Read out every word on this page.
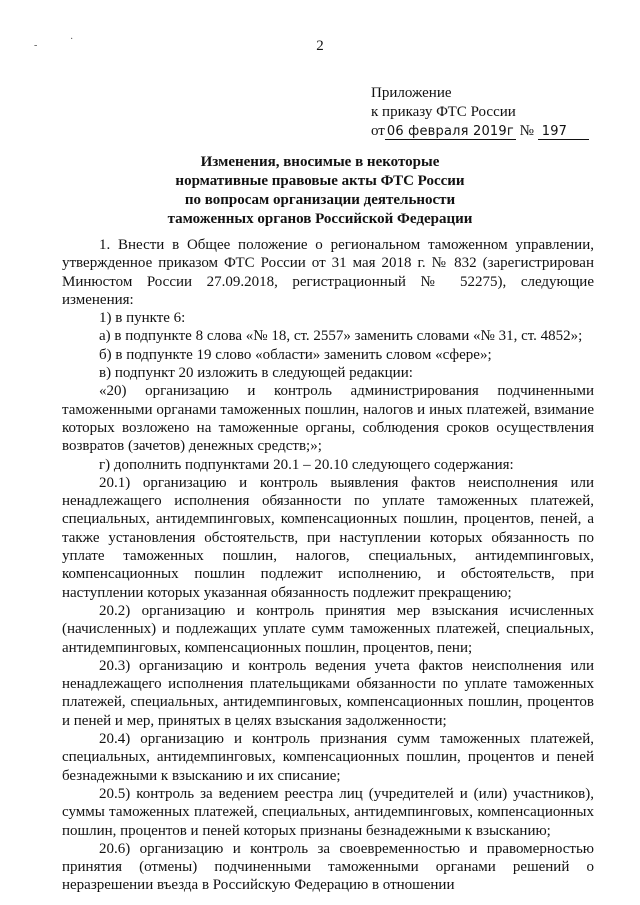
-
·	2
Приложение
к приказу ФТС России
от 06 февраля 2019г № 197
Изменения, вносимые в некоторые
нормативные правовые акты ФТС России
по вопросам организации деятельности
таможенных органов Российской Федерации

1. Внести в Общее положение о региональном таможенном управлении, утвержденное приказом ФТС России от 31 мая 2018 г. № 832 (зарегистрирован Минюстом России 27.09.2018, регистрационный № 52275), следующие изменения:

1) в пункте 6:

а) в подпункте 8 слова «№ 18, ст. 2557» заменить словами «№ 31, ст. 4852»;

б) в подпункте 19 слово «области» заменить словом «сфере»;

в) подпункт 20 изложить в следующей редакции:

«20) организацию и контроль администрирования подчиненными таможенными органами таможенных пошлин, налогов и иных платежей, взимание которых возложено на таможенные органы, соблюдения сроков осуществления возвратов (зачетов) денежных средств;»;

г) дополнить подпунктами 20.1 – 20.10 следующего содержания:

20.1) организацию и контроль выявления фактов неисполнения или ненадлежащего исполнения обязанности по уплате таможенных платежей, специальных, антидемпинговых, компенсационных пошлин, процентов, пеней, а также установления обстоятельств, при наступлении которых обязанность по уплате таможенных пошлин, налогов, специальных, антидемпинговых, компенсационных пошлин подлежит исполнению, и обстоятельств, при наступлении которых указанная обязанность подлежит прекращению;

20.2) организацию и контроль принятия мер взыскания исчисленных (начисленных) и подлежащих уплате сумм таможенных платежей, специальных, антидемпинговых, компенсационных пошлин, процентов, пени;

20.3) организацию и контроль ведения учета фактов неисполнения или ненадлежащего исполнения плательщиками обязанности по уплате таможенных платежей, специальных, антидемпинговых, компенсационных пошлин, процентов и пеней и мер, принятых в целях взыскания задолженности;

20.4) организацию и контроль признания сумм таможенных платежей, специальных, антидемпинговых, компенсационных пошлин, процентов и пеней безнадежными к взысканию и их списание;

20.5) контроль за ведением реестра лиц (учредителей и (или) участников), суммы таможенных платежей, специальных, антидемпинговых, компенсационных пошлин, процентов и пеней которых признаны безнадежными к взысканию;

20.6) организацию и контроль за своевременностью и правомерностью принятия (отмены) подчиненными таможенными органами решений о неразрешении въезда в Российскую Федерацию в отношении
